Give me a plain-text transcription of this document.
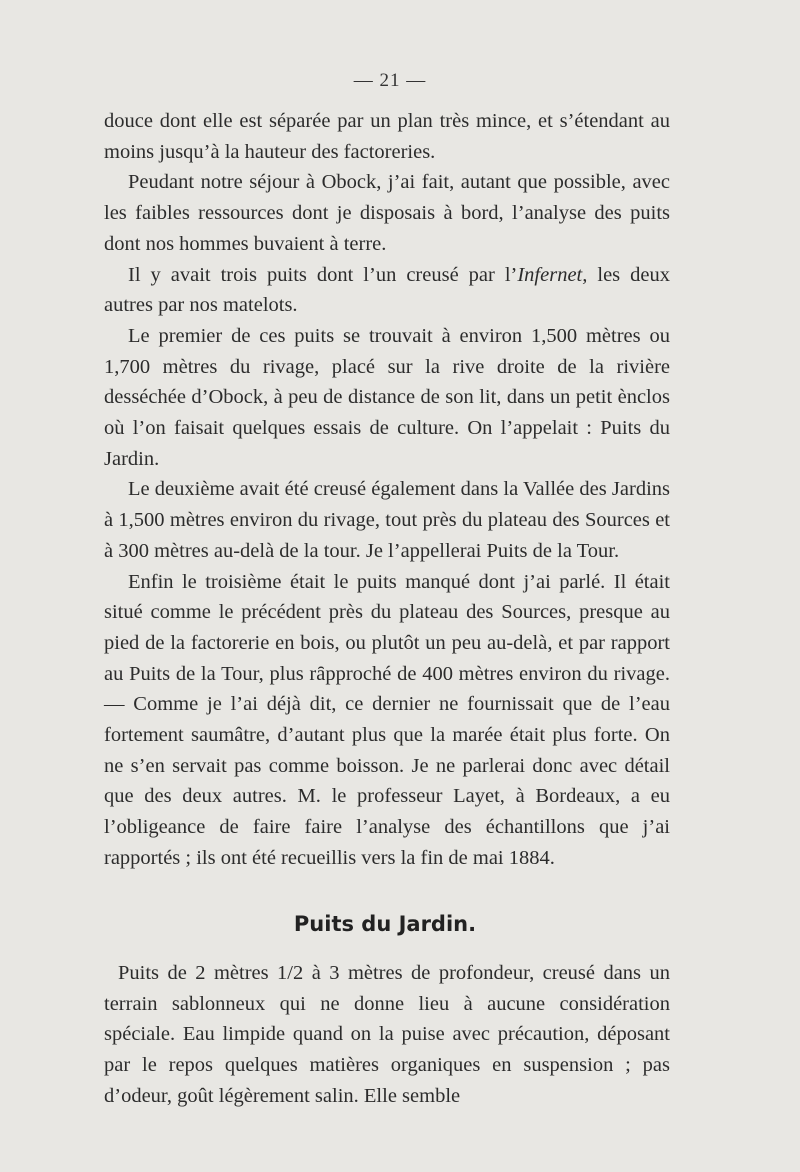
— 21 —

douce dont elle est séparée par un plan très mince, et s’étendant au moins jusqu’à la hauteur des factoreries.

Peudant notre séjour à Obock, j’ai fait, autant que possible, avec les faibles ressources dont je disposais à bord, l’analyse des puits dont nos hommes buvaient à terre.

Il y avait trois puits dont l’un creusé par l’Infernet, les deux autres par nos matelots.

Le premier de ces puits se trouvait à environ 1,500 mètres ou 1,700 mètres du rivage, placé sur la rive droite de la rivière desséchée d’Obock, à peu de distance de son lit, dans un petit ènclos où l’on faisait quelques essais de culture. On l’appelait : Puits du Jardin.

Le deuxième avait été creusé également dans la Vallée des Jardins à 1,500 mètres environ du rivage, tout près du plateau des Sources et à 300 mètres au-delà de la tour. Je l’appellerai Puits de la Tour.

Enfin le troisième était le puits manqué dont j’ai parlé. Il était situé comme le précédent près du plateau des Sources, presque au pied de la factorerie en bois, ou plutôt un peu au-delà, et par rapport au Puits de la Tour, plus rȃpproché de 400 mètres environ du rivage. — Comme je l’ai déjà dit, ce dernier ne fournissait que de l’eau fortement saumâtre, d’autant plus que la marée était plus forte. On ne s’en servait pas comme boisson. Je ne parlerai donc avec détail que des deux autres. M. le professeur Layet, à Bordeaux, a eu l’obligeance de faire faire l’analyse des échantillons que j’ai rapportés ; ils ont été recueillis vers la fin de mai 1884.

Puits du Jardin.

Puits de 2 mètres 1/2 à 3 mètres de profondeur, creusé dans un terrain sablonneux qui ne donne lieu à aucune considération spéciale. Eau limpide quand on la puise avec précaution, déposant par le repos quelques matières organiques en suspension ; pas d’odeur, goût légèrement salin. Elle semble
